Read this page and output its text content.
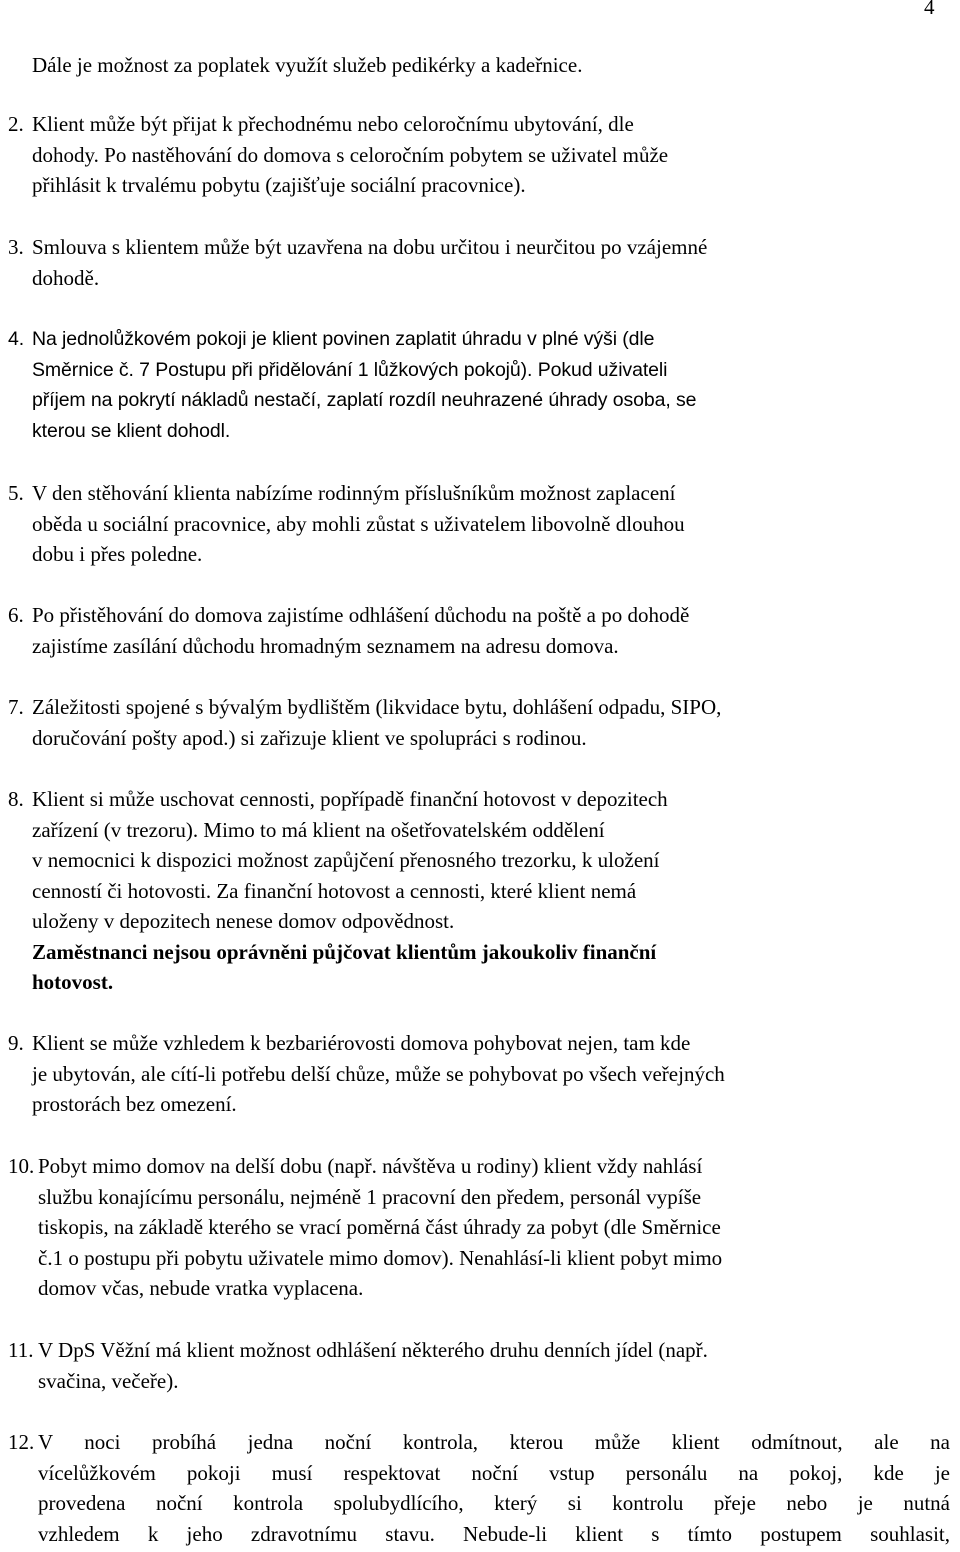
4
Dále je možnost za poplatek využít služeb pedikérky a kadeřnice.
2. Klient může být přijat k přechodnému nebo celoročnímu ubytování, dle
dohody. Po nastěhování do domova s celoročním pobytem se uživatel může
přihlásit k trvalému pobytu (zajišťuje sociální pracovnice).
3. Smlouva s klientem může být uzavřena na dobu určitou i neurčitou po vzájemné
dohodě.
4. Na jednolůžkovém pokoji je klient povinen zaplatit úhradu v plné výši (dle
Směrnice č. 7 Postupu při přidělování 1 lůžkových pokojů). Pokud uživateli
příjem na pokrytí nákladů nestačí, zaplatí rozdíl neuhrazené úhrady osoba, se
kterou se klient dohodl.
5. V den stěhování klienta nabízíme rodinným příslušníkům možnost zaplacení
oběda u sociální pracovnice, aby mohli zůstat s uživatelem libovolně dlouhou
dobu i přes poledne.
6. Po přistěhování do domova zajistíme odhlášení důchodu na poště a po dohodě
zajistíme zasílání důchodu hromadným seznamem na adresu domova.
7. Záležitosti spojené s bývalým bydlištěm (likvidace bytu, dohlášení odpadu, SIPO,
doručování pošty apod.) si zařizuje klient ve spolupráci s rodinou.
8. Klient si může uschovat cennosti, popřípadě finanční hotovost v depozitech
zařízení (v trezoru). Mimo to má klient na ošetřovatelském oddělení
v nemocnici k dispozici možnost zapůjčení přenosného trezorku, k uložení
cenností či hotovosti. Za finanční hotovost a cennosti, které klient nemá
uloženy v depozitech nenese domov odpovědnost.
Zaměstnanci nejsou oprávněni půjčovat klientům jakoukoliv finanční
hotovost.
9. Klient se může vzhledem k bezbariérovosti domova pohybovat nejen, tam kde
je ubytován, ale cítí-li potřebu delší chůze, může se pohybovat po všech veřejných
prostorách bez omezení.
10. Pobyt mimo domov na delší dobu (např. návštěva u rodiny) klient vždy nahlásí
službu konajícímu personálu, nejméně 1 pracovní den předem, personál vypíše
tiskopis, na základě kterého se vrací poměrná část úhrady za pobyt (dle Směrnice
č.1 o postupu při pobytu uživatele mimo domov). Nenahlásí-li klient pobyt mimo
domov včas, nebude vratka vyplacena.
11. V DpS Věžní má klient možnost odhlášení některého druhu denních jídel (např.
svačina, večeře).
12. V noci probíhá jedna noční kontrola, kterou může klient odmítnout, ale na
vícelůžkovém pokoji musí respektovat noční vstup personálu na pokoj, kde je
provedena noční kontrola spolubydlícího, který si kontrolu přeje nebo je nutná
vzhledem k jeho zdravotnímu stavu. Nebude-li klient s tímto postupem souhlasit,
